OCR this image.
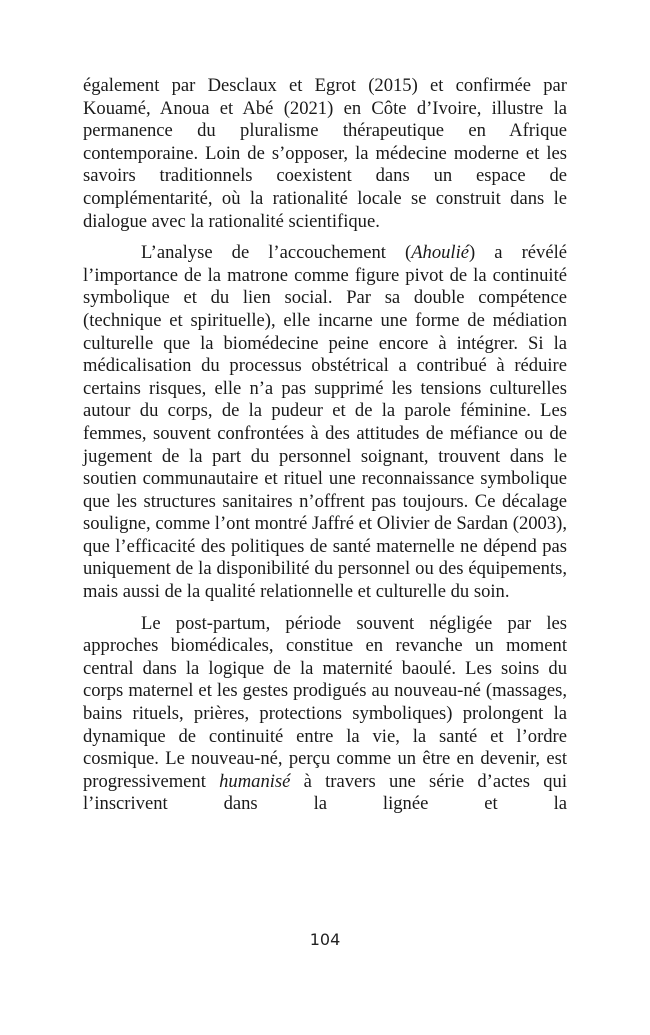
également par Desclaux et Egrot (2015) et confirmée par Kouamé, Anoua et Abé (2021) en Côte d’Ivoire, illustre la permanence du pluralisme thérapeutique en Afrique contemporaine. Loin de s’opposer, la médecine moderne et les savoirs traditionnels coexistent dans un espace de complémentarité, où la rationalité locale se construit dans le dialogue avec la rationalité scientifique.

L’analyse de l’accouchement (Ahoulié) a révélé l’importance de la matrone comme figure pivot de la continuité symbolique et du lien social. Par sa double compétence (technique et spirituelle), elle incarne une forme de médiation culturelle que la biomédecine peine encore à intégrer. Si la médicalisation du processus obstétrical a contribué à réduire certains risques, elle n’a pas supprimé les tensions culturelles autour du corps, de la pudeur et de la parole féminine. Les femmes, souvent confrontées à des attitudes de méfiance ou de jugement de la part du personnel soignant, trouvent dans le soutien communautaire et rituel une reconnaissance symbolique que les structures sanitaires n’offrent pas toujours. Ce décalage souligne, comme l’ont montré Jaffré et Olivier de Sardan (2003), que l’efficacité des politiques de santé maternelle ne dépend pas uniquement de la disponibilité du personnel ou des équipements, mais aussi de la qualité relationnelle et culturelle du soin.

Le post-partum, période souvent négligée par les approches biomédicales, constitue en revanche un moment central dans la logique de la maternité baoulé. Les soins du corps maternel et les gestes prodigués au nouveau-né (massages, bains rituels, prières, protections symboliques) prolongent la dynamique de continuité entre la vie, la santé et l’ordre cosmique. Le nouveau-né, perçu comme un être en devenir, est progressivement humanisé à travers une série d’actes qui l’inscrivent dans la lignée et la

104
